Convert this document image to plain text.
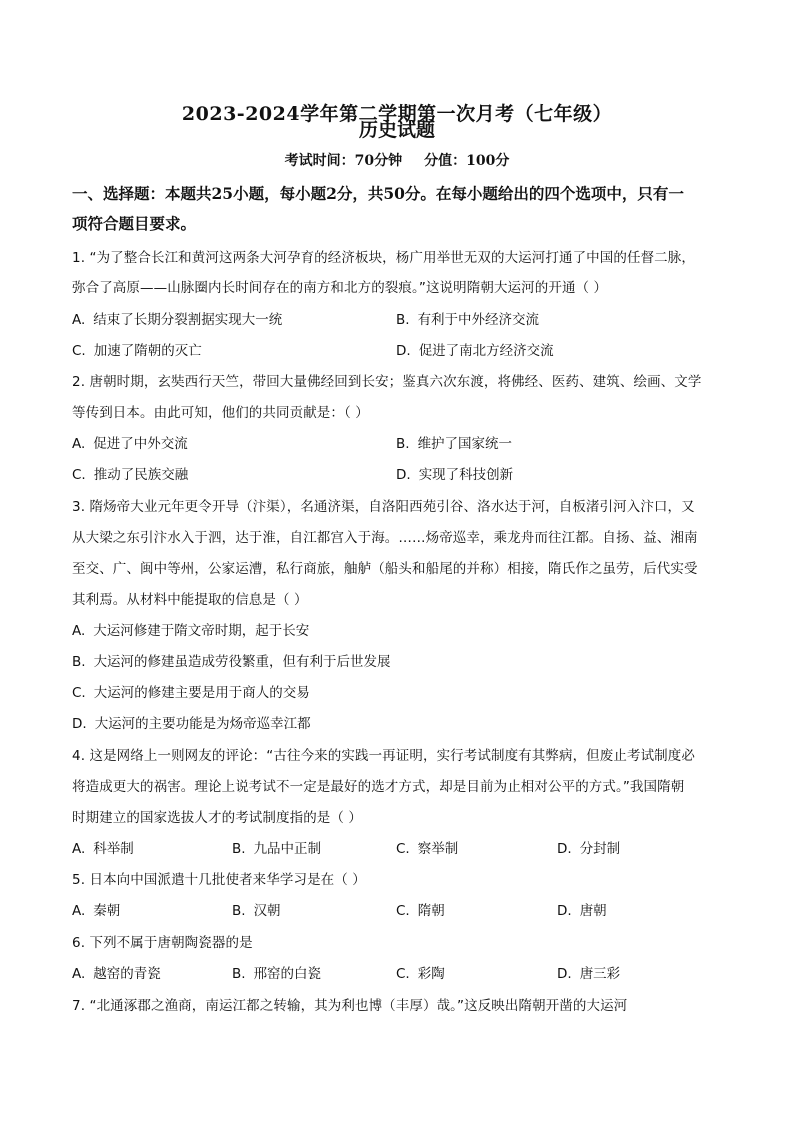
2023-2024学年第二学期第一次月考（七年级）
历史试题
考试时间：70分钟 分值：100分
一、选择题：本题共25小题，每小题2分，共50分。在每小题给出的四个选项中，只有一
项符合题目要求。
1. “为了整合长江和黄河这两条大河孕育的经济板块，杨广用举世无双的大运河打通了中国的任督二脉，
弥合了高原——山脉圈内长时间存在的南方和北方的裂痕。”这说明隋朝大运河的开通（ ）
A. 结束了长期分裂割据实现大一统	B. 有利于中外经济交流
C. 加速了隋朝的灭亡	D. 促进了南北方经济交流
2. 唐朝时期，玄奘西行天竺，带回大量佛经回到长安；鉴真六次东渡，将佛经、医药、建筑、绘画、文学
等传到日本。由此可知，他们的共同贡献是：（ ）
A. 促进了中外交流	B. 维护了国家统一
C. 推动了民族交融	D. 实现了科技创新
3. 隋炀帝大业元年更令开导（汴渠），名通济渠，自洛阳西苑引谷、洛水达于河，自板渚引河入汴口，又
从大梁之东引汴水入于泗，达于淮，自江都宫入于海。……炀帝巡幸，乘龙舟而往江都。自扬、益、湘南
至交、广、闽中等州，公家运漕，私行商旅，舳舻（船头和船尾的并称）相接，隋氏作之虽劳，后代实受
其利焉。从材料中能提取的信息是（ ）
A. 大运河修建于隋文帝时期，起于长安
B. 大运河的修建虽造成劳役繁重，但有利于后世发展
C. 大运河的修建主要是用于商人的交易
D. 大运河的主要功能是为炀帝巡幸江都
4. 这是网络上一则网友的评论：“古往今来的实践一再证明，实行考试制度有其弊病，但废止考试制度必
将造成更大的祸害。理论上说考试不一定是最好的选才方式，却是目前为止相对公平的方式。”我国隋朝
时期建立的国家选拔人才的考试制度指的是（ ）
A. 科举制	B. 九品中正制	C. 察举制	D. 分封制
5. 日本向中国派遣十几批使者来华学习是在（ ）
A. 秦朝	B. 汉朝	C. 隋朝	D. 唐朝
6. 下列不属于唐朝陶瓷器的是
A. 越窑的青瓷	B. 邢窑的白瓷	C. 彩陶	D. 唐三彩
7. “北通涿郡之渔商，南运江都之转输，其为利也博（丰厚）哉。”这反映出隋朝开凿的大运河
